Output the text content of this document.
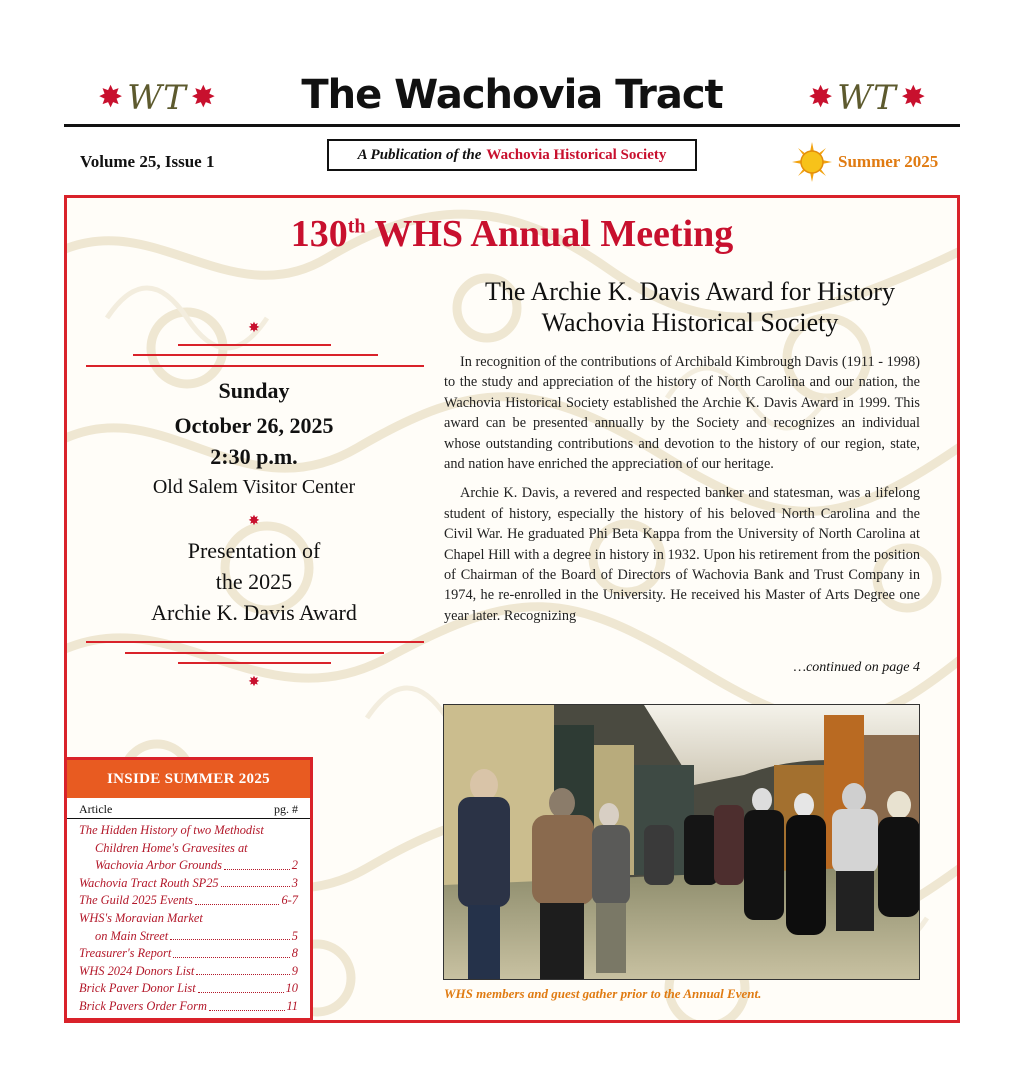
✸ WT ✸	The Wachovia Tract	✸ WT ✸
Volume 25, Issue 1	A Publication of the Wachovia Historical Society	Summer 2025
130th WHS Annual Meeting
The Archie K. Davis Award for History
Wachovia Historical Society

In recognition of the contributions of Archibald Kimbrough Davis (1911 - 1998) to the study and appreciation of the history of North Carolina and our nation, the Wachovia Historical Society established the Archie K. Davis Award in 1999. This award can be presented annually by the Society and recognizes an individual whose outstanding contributions and devotion to the history of our region, state, and nation have enriched the appreciation of our heritage.

Archie K. Davis, a revered and respected banker and statesman, was a lifelong student of history, especially the history of his beloved North Carolina and the Civil War. He graduated Phi Beta Kappa from the University of North Carolina at Chapel Hill with a degree in history in 1932. Upon his retirement from the position of Chairman of the Board of Directors of Wachovia Bank and Trust Company in 1974, he re-enrolled in the University. He received his Master of Arts Degree one year later. Recognizing

…continued on page 4
✸
Sunday
October 26, 2025
2:30 p.m.
Old Salem Visitor Center
✸
Presentation of
the 2025
Archie K. Davis Award
✸
INSIDE SUMMER 2025
Article	pg. #
The Hidden History of two Methodist
Children Home's Gravesites at
Wachovia Arbor Grounds	2
Wachovia Tract Routh SP25	3
The Guild 2025 Events	6-7
WHS's Moravian Market
on Main Street	5
Treasurer's Report	8
WHS 2024 Donors List	9
Brick Paver Donor List	10
Brick Pavers Order Form	11
WHS members and guest gather prior to the Annual Event.
